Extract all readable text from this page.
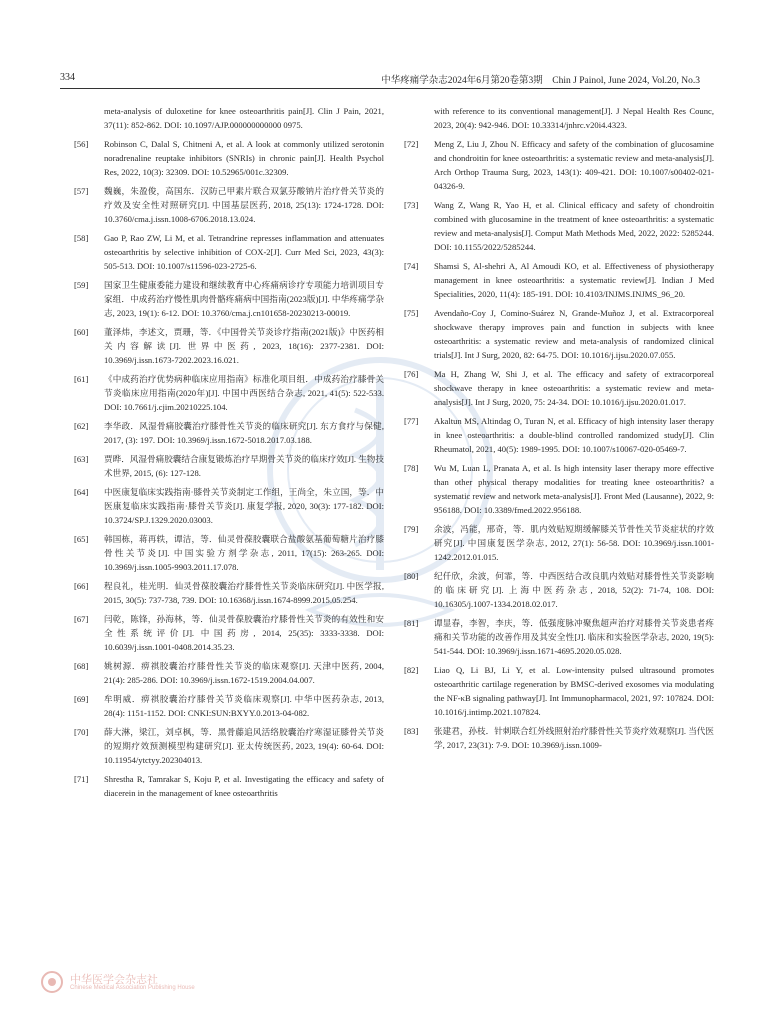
334	中华疼痛学杂志2024年6月第20卷第3期　Chin J Painol, June 2024, Vol.20, No.3
meta-analysis of duloxetine for knee osteoarthritis pain[J]. Clin J Pain, 2021, 37(11): 852-862. DOI: 10.1097/AJP.000000000000 0975.
[56] Robinson C, Dalal S, Chitneni A, et al. A look at commonly utilized serotonin noradrenaline reuptake inhibitors (SNRIs) in chronic pain[J]. Health Psychol Res, 2022, 10(3): 32309. DOI: 10.52965/001c.32309.
[57] 魏巍，朱盈俊，高国东．汉防己甲素片联合双氯芬酸钠片治疗骨关节炎的疗效及安全性对照研究[J]. 中国基层医药, 2018, 25(13): 1724-1728. DOI: 10.3760/cma.j.issn.1008-6706.2018.13.024.
[58] Gao P, Rao ZW, Li M, et al. Tetrandrine represses inflammation and attenuates osteoarthritis by selective inhibition of COX-2[J]. Curr Med Sci, 2023, 43(3): 505-513. DOI: 10.1007/s11596-023-2725-6.
[59] 国家卫生健康委能力建设和继续教育中心疼痛病诊疗专项能力培训项目专家组．中成药治疗慢性肌肉骨骼疼痛病中国指南(2023版)[J]. 中华疼痛学杂志, 2023, 19(1): 6-12. DOI: 10.3760/cma.j.cn101658-20230213-00019.
[60] 董泽炜，李述文，贾珊，等．《中国骨关节炎诊疗指南(2021版)》中医药相关内容解读[J]. 世界中医药, 2023, 18(16): 2377-2381. DOI: 10.3969/j.issn.1673-7202.2023.16.021.
[61] 《中成药治疗优势病种临床应用指南》标准化项目组．中成药治疗膝骨关节炎临床应用指南(2020年)[J]. 中国中西医结合杂志, 2021, 41(5): 522-533. DOI: 10.7661/j.cjim.20210225.104.
[62] 李华政．风湿骨痛胶囊治疗膝骨性关节炎的临床研究[J]. 东方食疗与保健, 2017, (3): 197. DOI: 10.3969/j.issn.1672-5018.2017.03.188.
[63] 贾晔．风湿骨痛胶囊结合康复锻炼治疗早期骨关节炎的临床疗效[J]. 生物技术世界, 2015, (6): 127-128.
[64] 中医康复临床实践指南·膝骨关节炎制定工作组，王尚全，朱立国，等．中医康复临床实践指南·膝骨关节炎[J]. 康复学报, 2020, 30(3): 177-182. DOI: 10.3724/SP.J.1329.2020.03003.
[65] 韩国栋，蒋再轶，谭洁，等．仙灵骨葆胶囊联合盐酸氨基葡萄糖片治疗膝骨性关节炎[J]. 中国实验方剂学杂志, 2011, 17(15): 263-265. DOI: 10.3969/j.issn.1005-9903.2011.17.078.
[66] 程良礼，桂光明．仙灵骨葆胶囊治疗膝骨性关节炎临床研究[J]. 中医学报, 2015, 30(5): 737-738, 739. DOI: 10.16368/j.issn.1674-8999.2015.05.254.
[67] 闫乾，陈锋，孙海林，等．仙灵骨葆胶囊治疗膝骨性关节炎的有效性和安全性系统评价[J]. 中国药房, 2014, 25(35): 3333-3338. DOI: 10.6039/j.issn.1001-0408.2014.35.23.
[68] 姚树源．痹祺胶囊治疗膝骨性关节炎的临床观察[J]. 天津中医药, 2004, 21(4): 285-286. DOI: 10.3969/j.issn.1672-1519.2004.04.007.
[69] 牟明威．痹祺胶囊治疗膝骨关节炎临床观察[J]. 中华中医药杂志, 2013, 28(4): 1151-1152. DOI: CNKI:SUN:BXYY.0.2013-04-082.
[70] 薛大淋，梁江，刘卓枫，等．黑骨藤追风活络胶囊治疗寒湿证膝骨关节炎的短期疗效预测模型构建研究[J]. 亚太传统医药, 2023, 19(4): 60-64. DOI: 10.11954/ytctyy.202304013.
[71] Shrestha R, Tamrakar S, Koju P, et al. Investigating the efficacy and safety of diacerein in the management of knee osteoarthritis
with reference to its conventional management[J]. J Nepal Health Res Counc, 2023, 20(4): 942-946. DOI: 10.33314/jnhrc.v20i4.4323.
[72] Meng Z, Liu J, Zhou N. Efficacy and safety of the combination of glucosamine and chondroitin for knee osteoarthritis: a systematic review and meta-analysis[J]. Arch Orthop Trauma Surg, 2023, 143(1): 409-421. DOI: 10.1007/s00402-021-04326-9.
[73] Wang Z, Wang R, Yao H, et al. Clinical efficacy and safety of chondroitin combined with glucosamine in the treatment of knee osteoarthritis: a systematic review and meta-analysis[J]. Comput Math Methods Med, 2022, 2022: 5285244. DOI: 10.1155/2022/5285244.
[74] Shamsi S, Al-shehri A, Al Amoudi KO, et al. Effectiveness of physiotherapy management in knee osteoarthritis: a systematic review[J]. Indian J Med Specialities, 2020, 11(4): 185-191. DOI: 10.4103/INJMS.INJMS_96_20.
[75] Avendaño-Coy J, Comino-Suárez N, Grande-Muñoz J, et al. Extracorporeal shockwave therapy improves pain and function in subjects with knee osteoarthritis: a systematic review and meta-analysis of randomized clinical trials[J]. Int J Surg, 2020, 82: 64-75. DOI: 10.1016/j.ijsu.2020.07.055.
[76] Ma H, Zhang W, Shi J, et al. The efficacy and safety of extracorporeal shockwave therapy in knee osteoarthritis: a systematic review and meta-analysis[J]. Int J Surg, 2020, 75: 24-34. DOI: 10.1016/j.ijsu.2020.01.017.
[77] Akaltun MS, Altindag O, Turan N, et al. Efficacy of high intensity laser therapy in knee osteoarthritis: a double-blind controlled randomized study[J]. Clin Rheumatol, 2021, 40(5): 1989-1995. DOI: 10.1007/s10067-020-05469-7.
[78] Wu M, Luan L, Pranata A, et al. Is high intensity laser therapy more effective than other physical therapy modalities for treating knee osteoarthritis? a systematic review and network meta-analysis[J]. Front Med (Lausanne), 2022, 9: 956188. DOI: 10.3389/fmed.2022.956188.
[79] 余波，冯能，邢奇，等．肌内效贴短期缓解膝关节骨性关节炎症状的疗效研究[J]. 中国康复医学杂志, 2012, 27(1): 56-58. DOI: 10.3969/j.issn.1001-1242.2012.01.015.
[80] 纪仟欣，余波，何霏，等．中西医结合改良肌内效贴对膝骨性关节炎影响的临床研究[J]. 上海中医药杂志, 2018, 52(2): 71-74, 108. DOI: 10.16305/j.1007-1334.2018.02.017.
[81] 谭显春，李智，李庆，等．低强度脉冲聚焦超声治疗对膝骨关节炎患者疼痛和关节功能的改善作用及其安全性[J]. 临床和实验医学杂志, 2020, 19(5): 541-544. DOI: 10.3969/j.issn.1671-4695.2020.05.028.
[82] Liao Q, Li BJ, Li Y, et al. Low-intensity pulsed ultrasound promotes osteoarthritic cartilage regeneration by BMSC-derived exosomes via modulating the NF-κB signaling pathway[J]. Int Immunopharmacol, 2021, 97: 107824. DOI: 10.1016/j.intimp.2021.107824.
[83] 张建君，孙枝．针刺联合红外线照射治疗膝骨性关节炎疗效观察[J]. 当代医学, 2017, 23(31): 7-9. DOI: 10.3969/j.issn.1009-
中华医学会杂志社
Chinese Medical Association Publishing House
